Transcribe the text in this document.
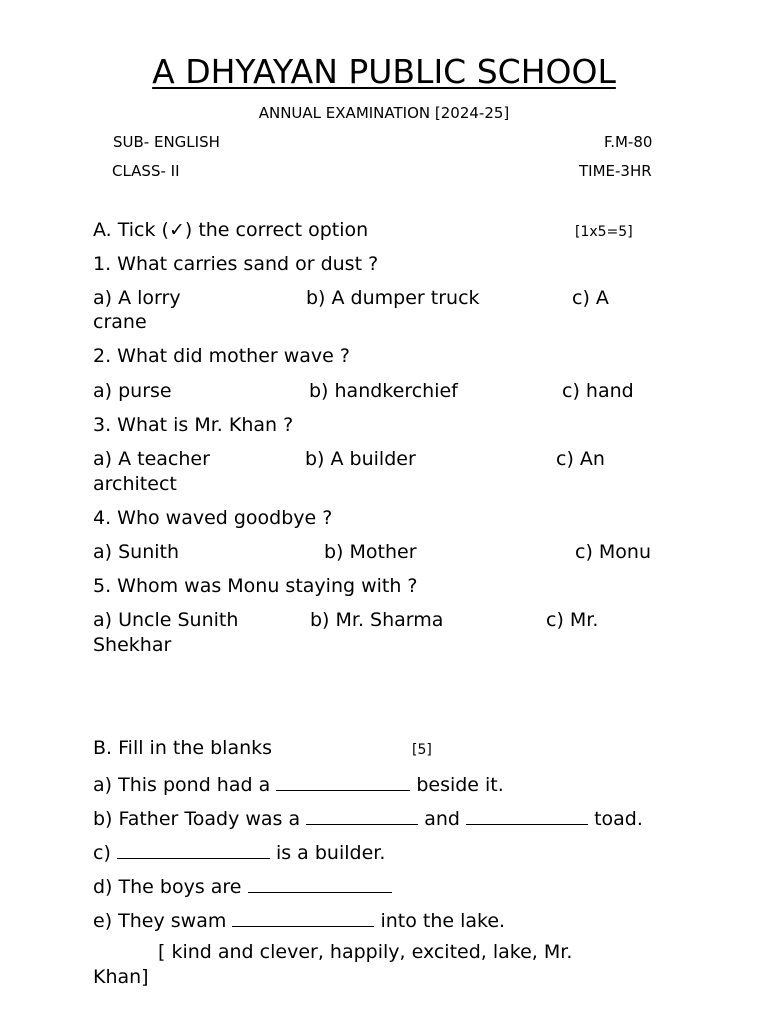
A DHYAYAN PUBLIC SCHOOL
ANNUAL EXAMINATION [2024-25]
SUB- ENGLISH	F.M-80
CLASS- II	TIME-3HR
A. Tick (✓) the correct option	[1x5=5]
1. What carries sand or dust ?
a) A lorry	b) A dumper truck	c) A
crane
2. What did mother wave ?
a) purse	b) handkerchief	c) hand
3. What is Mr. Khan ?
a) A teacher	b) A builder	c) An
architect
4. Who waved goodbye ?
a) Sunith	b) Mother	c) Monu
5. Whom was Monu staying with ?
a) Uncle Sunith	b) Mr. Sharma	c) Mr.
Shekhar
B. Fill in the blanks	[5]
a) This pond had a	beside it.
b) Father Toady was a	and	toad.
c)	is a builder.
d) The boys are
e) They swam	into the lake.
[ kind and clever, happily, excited, lake, Mr.
Khan]
